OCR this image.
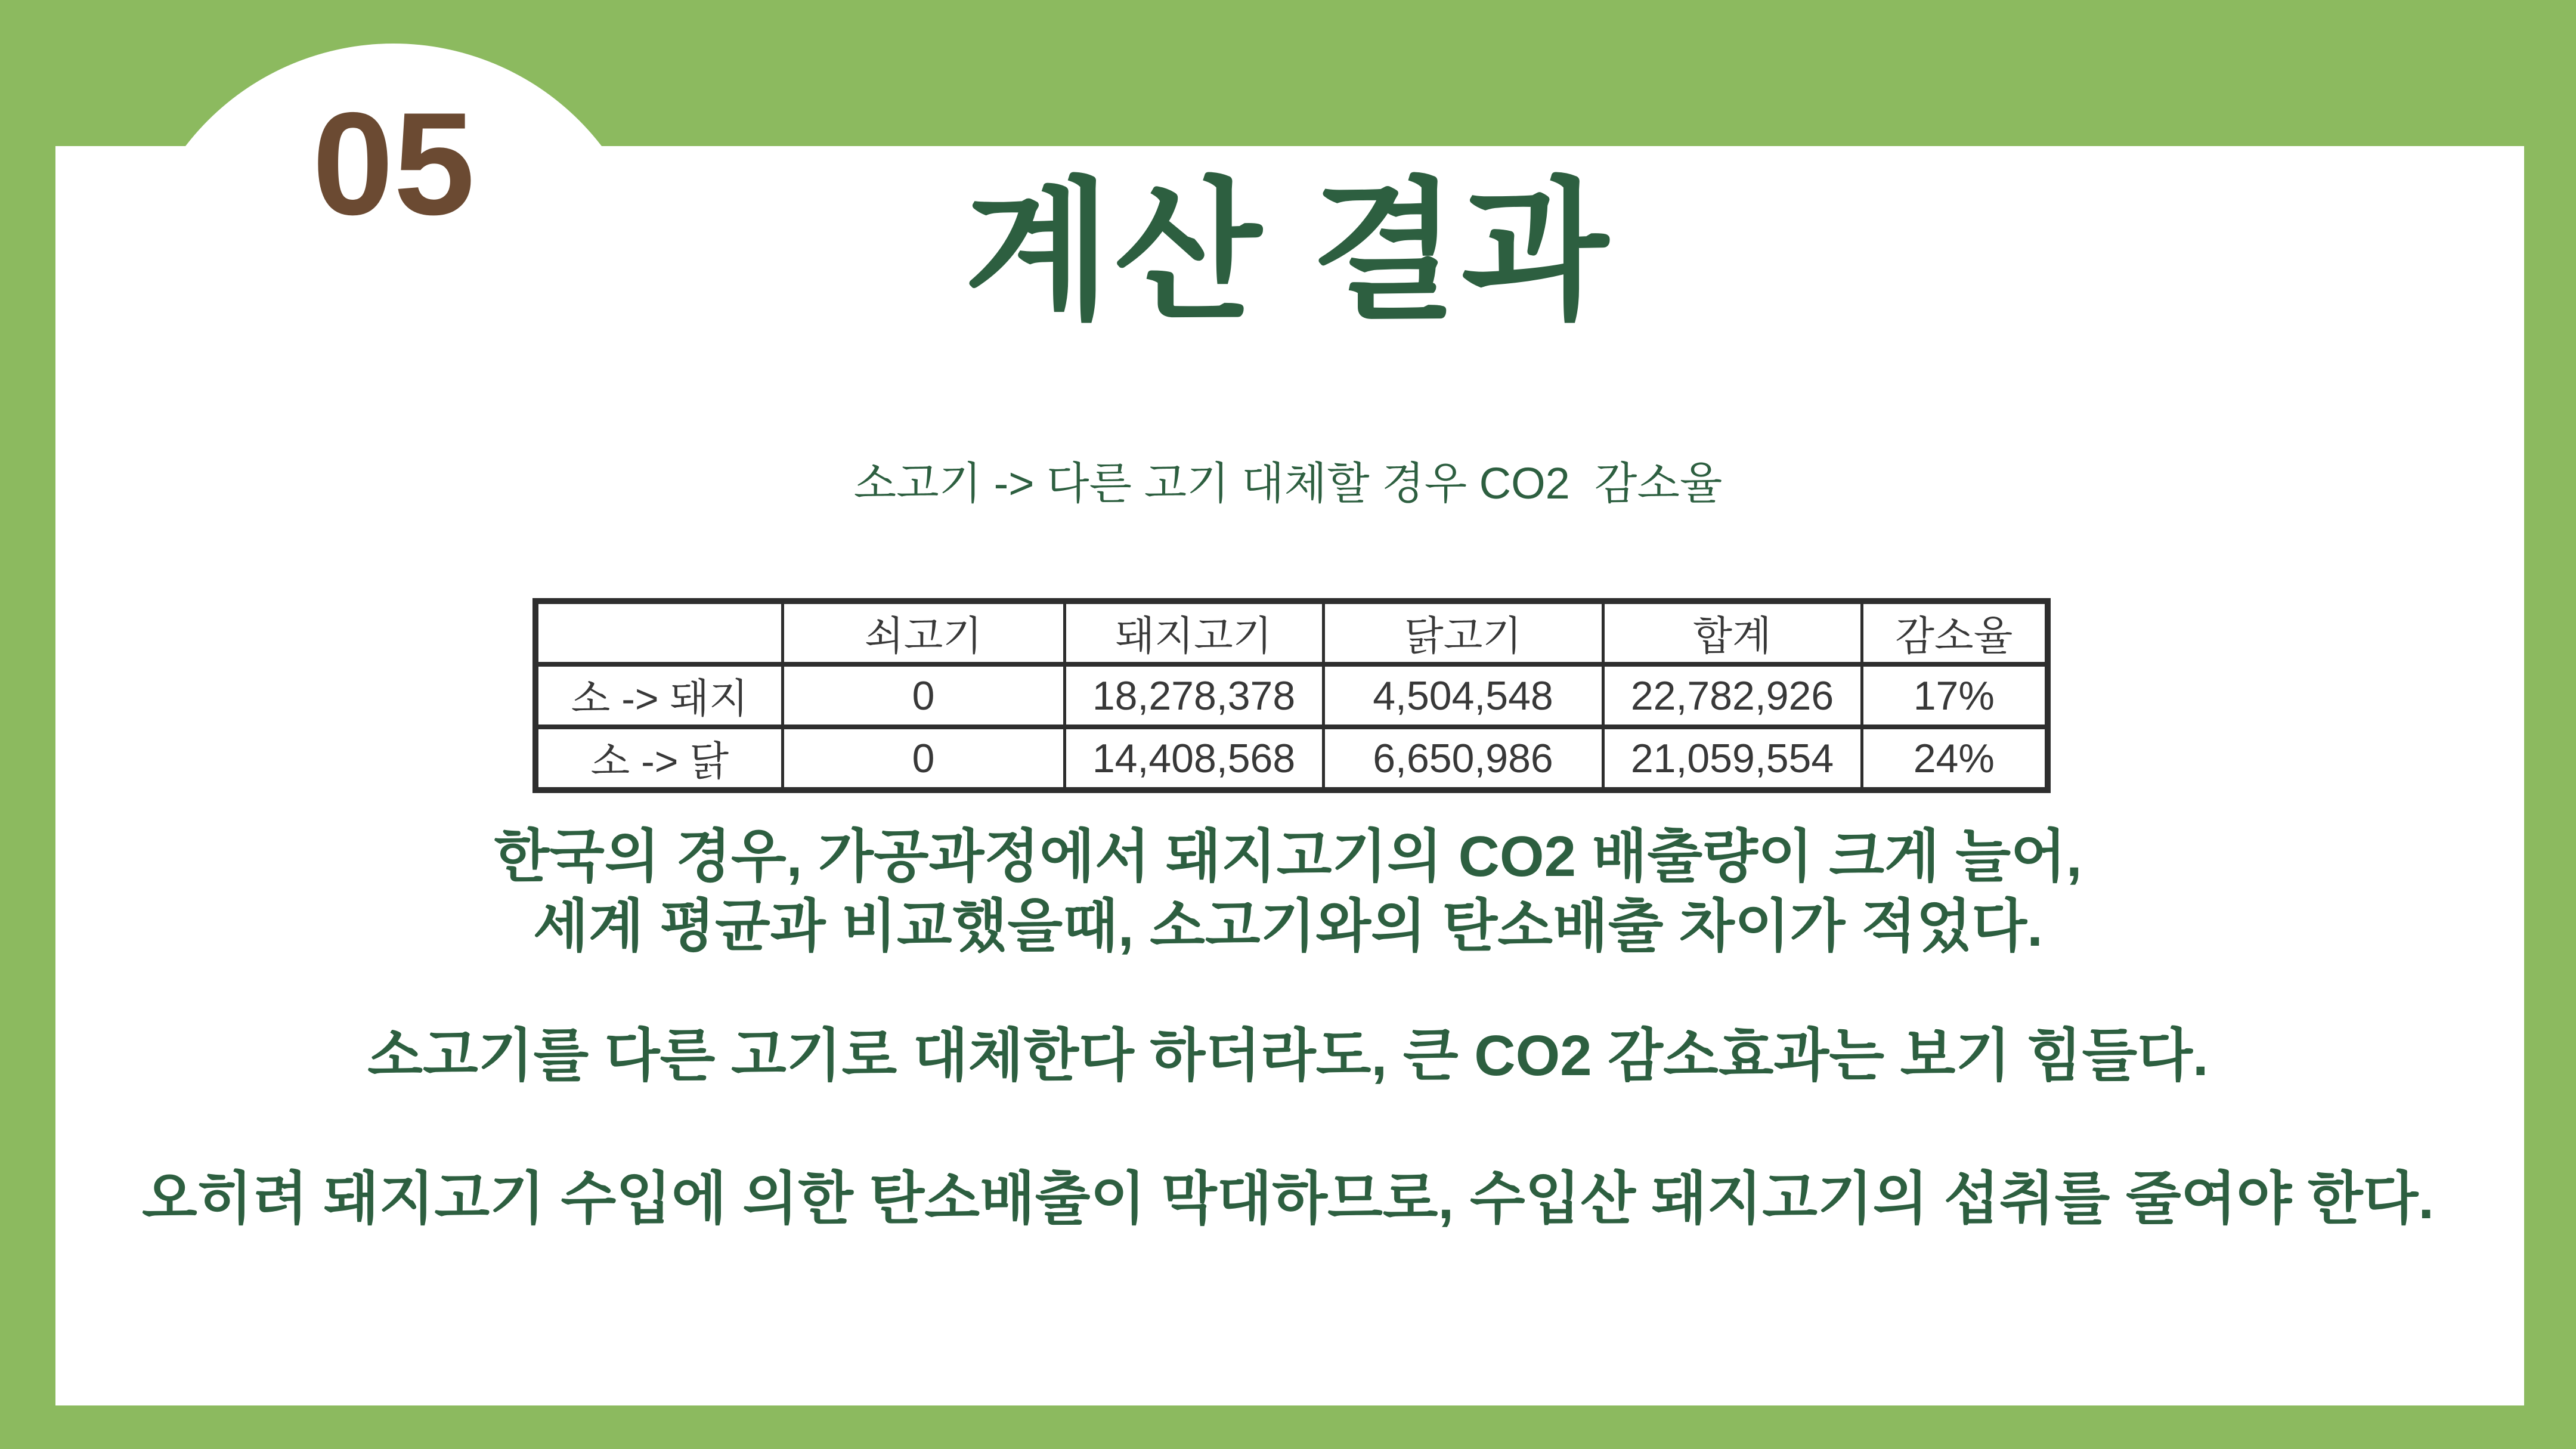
05
계산 결과
소고기 -> 다른 고기 대체할 경우 CO2  감소율
	쇠고기	돼지고기	닭고기	합계	감소율
소 -> 돼지	0	18,278,378	4,504,548	22,782,926	17%
소 -> 닭	0	14,408,568	6,650,986	21,059,554	24%
한국의 경우, 가공과정에서 돼지고기의 CO2 배출량이 크게 늘어,
세계 평균과 비교했을때, 소고기와의 탄소배출 차이가 적었다.
소고기를 다른 고기로 대체한다 하더라도, 큰 CO2 감소효과는 보기 힘들다.
오히려 돼지고기 수입에 의한 탄소배출이 막대하므로, 수입산 돼지고기의 섭취를 줄여야 한다.
